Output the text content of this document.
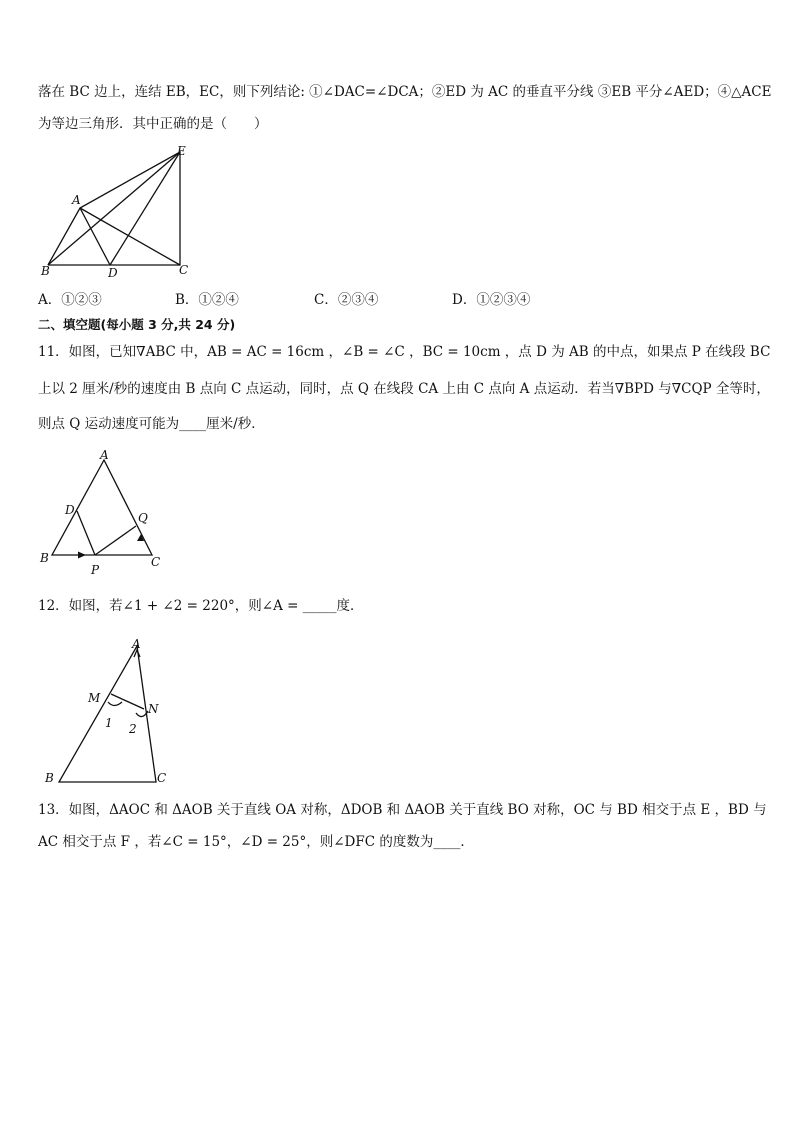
落在 BC 边上，连结 EB，EC，则下列结论: ①∠DAC=∠DCA；②ED 为 AC 的垂直平分线 ③EB 平分∠AED；④△ACE
为等边三角形．其中正确的是（　　）
E
A
B	D	C
A．①②③	B．①②④	C．②③④	D．①②③④
二、填空题(每小题 3 分,共 24 分)
11．如图，已知∇ABC 中，AB = AC = 16cm ，∠B = ∠C ，BC = 10cm ，点 D 为 AB 的中点，如果点 P 在线段 BC
上以 2 厘米/秒的速度由 B 点向 C 点运动，同时，点 Q 在线段 CA 上由 C 点向 A 点运动．若当∇BPD 与∇CQP 全等时，
则点 Q 运动速度可能为____厘米/秒．
A
D
Q
B
P
C
12．如图，若∠1 + ∠2 = 220°，则∠A = _____度．
A
M
N
1 2
B	C
13．如图，ΔAOC 和 ΔAOB 关于直线 OA 对称，ΔDOB 和 ΔAOB 关于直线 BO 对称，OC 与 BD 相交于点 E ，BD 与
AC 相交于点 F ，若∠C = 15°，∠D = 25°，则∠DFC 的度数为____．
